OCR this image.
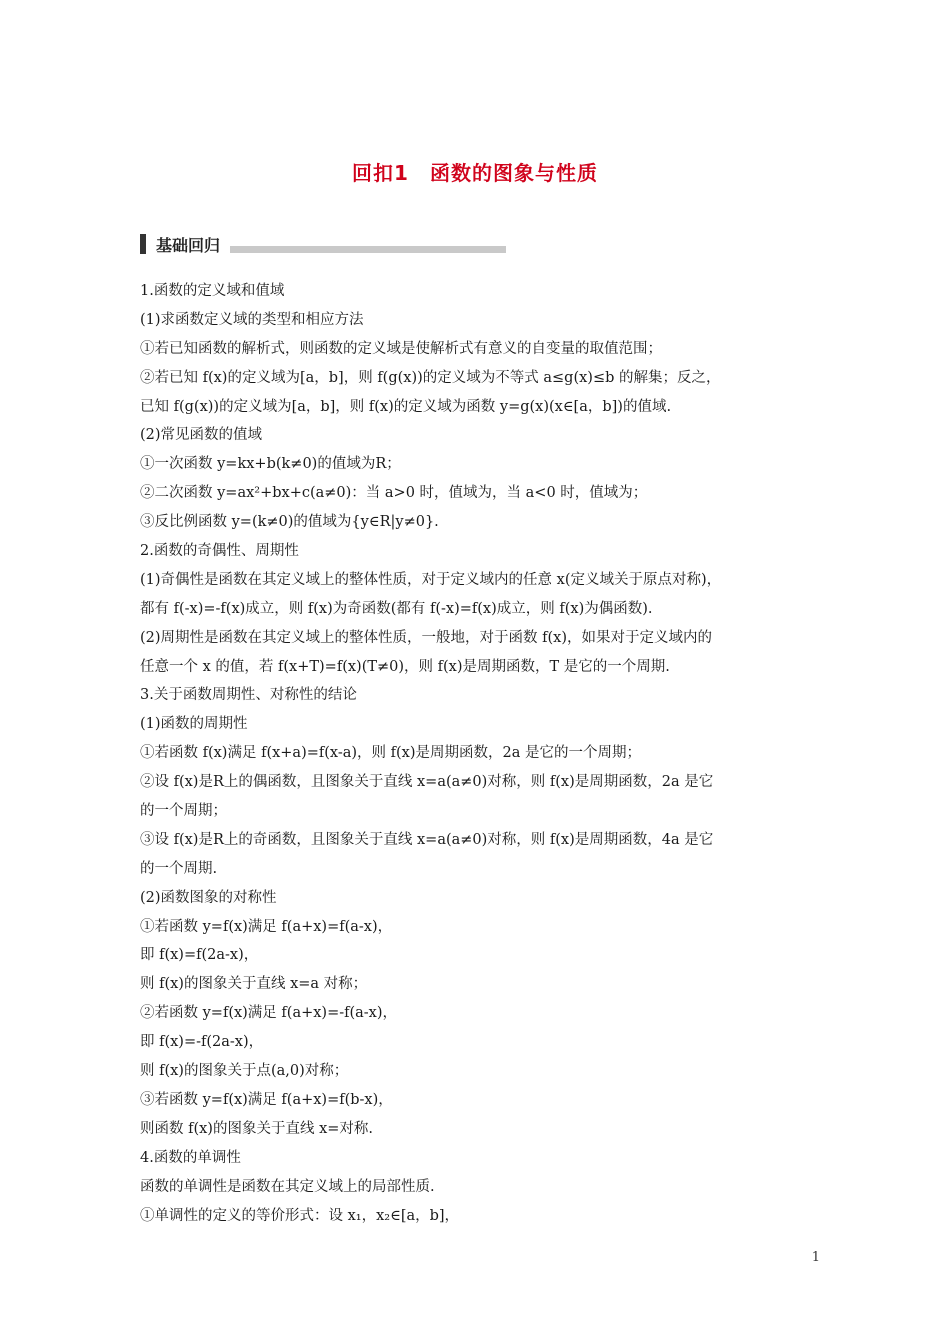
回扣1　函数的图象与性质
基础回归
1.函数的定义域和值域
(1)求函数定义域的类型和相应方法
①若已知函数的解析式，则函数的定义域是使解析式有意义的自变量的取值范围；
②若已知 f(x)的定义域为[a，b]，则 f(g(x))的定义域为不等式 a≤g(x)≤b 的解集；反之，
已知 f(g(x))的定义域为[a，b]，则 f(x)的定义域为函数 y=g(x)(x∈[a，b])的值域.
(2)常见函数的值域
①一次函数 y=kx+b(k≠0)的值域为R；
②二次函数 y=ax²+bx+c(a≠0)：当 a>0 时，值域为，当 a<0 时，值域为；
③反比例函数 y=(k≠0)的值域为{y∈R|y≠0}.
2.函数的奇偶性、周期性
(1)奇偶性是函数在其定义域上的整体性质，对于定义域内的任意 x(定义域关于原点对称)，
都有 f(-x)=-f(x)成立，则 f(x)为奇函数(都有 f(-x)=f(x)成立，则 f(x)为偶函数).
(2)周期性是函数在其定义域上的整体性质，一般地，对于函数 f(x)，如果对于定义域内的
任意一个 x 的值，若 f(x+T)=f(x)(T≠0)，则 f(x)是周期函数，T 是它的一个周期.
3.关于函数周期性、对称性的结论
(1)函数的周期性
①若函数 f(x)满足 f(x+a)=f(x-a)，则 f(x)是周期函数，2a 是它的一个周期；
②设 f(x)是R上的偶函数，且图象关于直线 x=a(a≠0)对称，则 f(x)是周期函数，2a 是它
的一个周期；
③设 f(x)是R上的奇函数，且图象关于直线 x=a(a≠0)对称，则 f(x)是周期函数，4a 是它
的一个周期.
(2)函数图象的对称性
①若函数 y=f(x)满足 f(a+x)=f(a-x)，
即 f(x)=f(2a-x)，
则 f(x)的图象关于直线 x=a 对称；
②若函数 y=f(x)满足 f(a+x)=-f(a-x)，
即 f(x)=-f(2a-x)，
则 f(x)的图象关于点(a,0)对称；
③若函数 y=f(x)满足 f(a+x)=f(b-x)，
则函数 f(x)的图象关于直线 x=对称.
4.函数的单调性
函数的单调性是函数在其定义域上的局部性质.
①单调性的定义的等价形式：设 x₁，x₂∈[a，b]，
1
